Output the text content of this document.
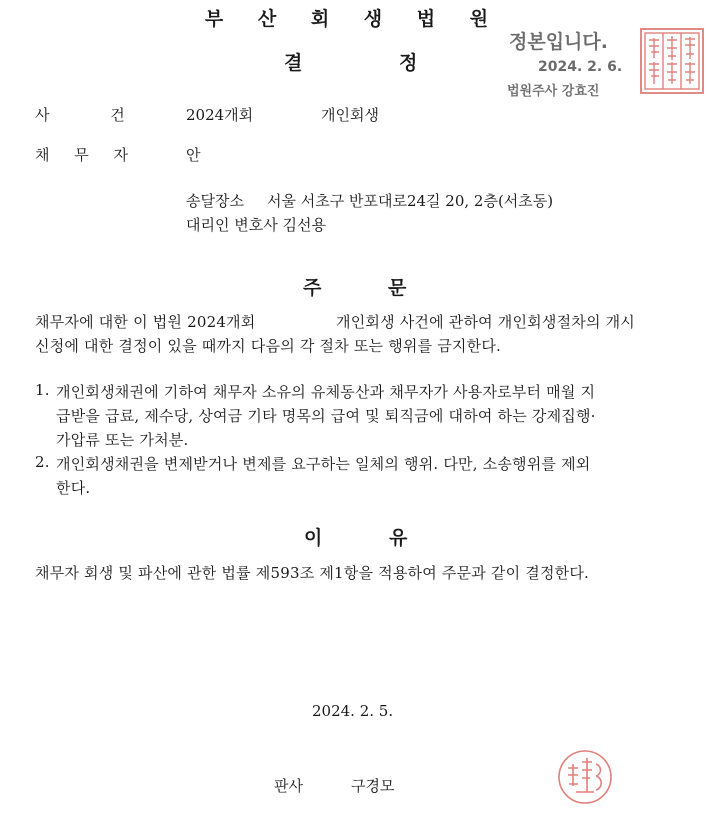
부 산 회 생 법 원
결 정
정본입니다.
2024. 2. 6.
법원주사 강효진
사 건	2024개회	개인회생
채 무 자	안
송달장소 서울 서초구 반포대로24길 20, 2층(서초동)
대리인 변호사 김선용
주 문
채무자에 대한 이 법원 2024개회	개인회생 사건에 관하여 개인회생절차의 개시
신청에 대한 결정이 있을 때까지 다음의 각 절차 또는 행위를 금지한다.
1. 개인회생채권에 기하여 채무자 소유의 유체동산과 채무자가 사용자로부터 매월 지
급받을 급료, 제수당, 상여금 기타 명목의 급여 및 퇴직금에 대하여 하는 강제집행·
가압류 또는 가처분.
2. 개인회생채권을 변제받거나 변제를 요구하는 일체의 행위. 다만, 소송행위를 제외
한다.
이 유
채무자 회생 및 파산에 관한 법률 제593조 제1항을 적용하여 주문과 같이 결정한다.
2024. 2. 5.
판사	구경모
